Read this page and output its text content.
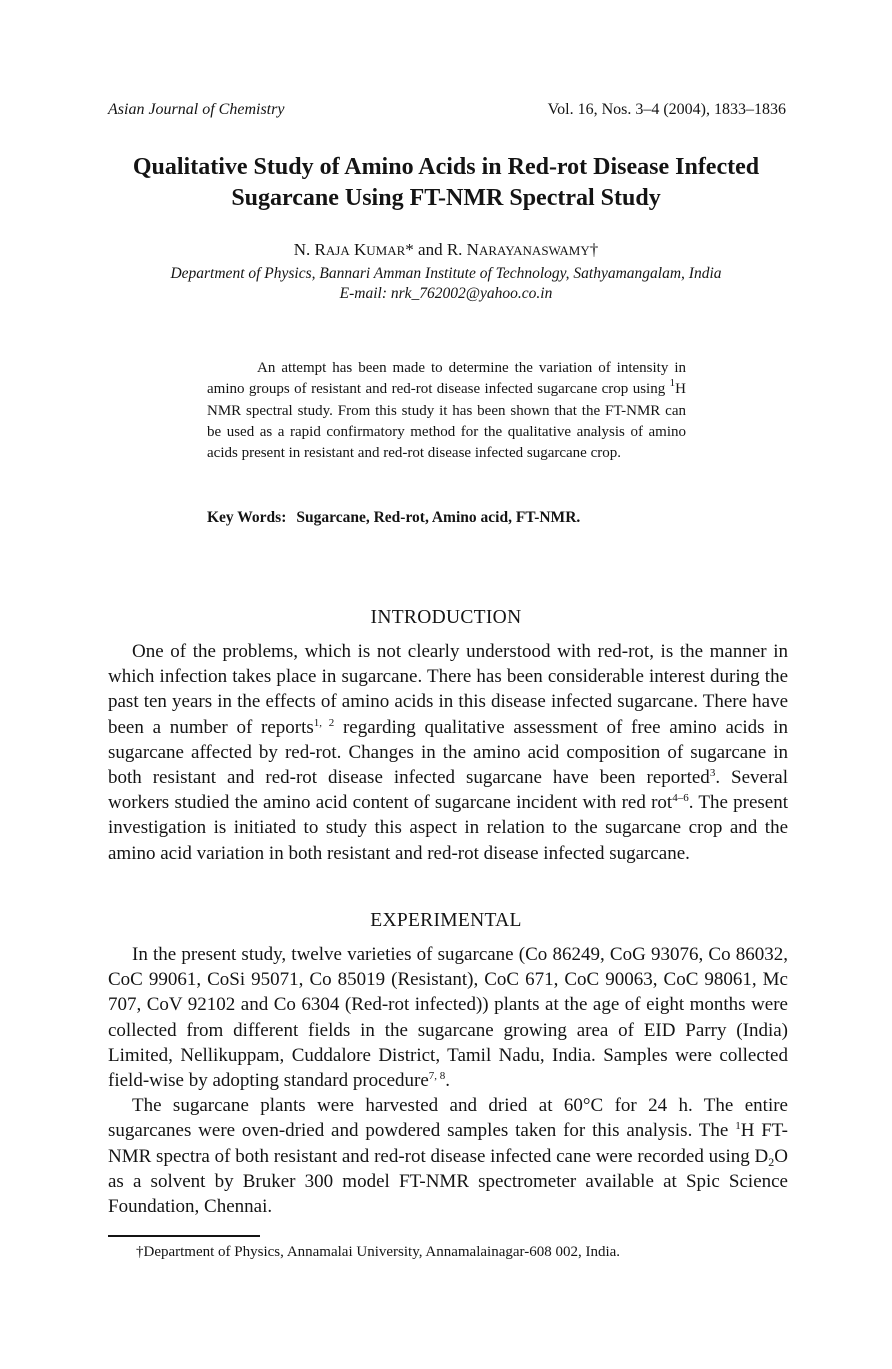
Asian Journal of Chemistry	Vol. 16, Nos. 3–4 (2004), 1833–1836
Qualitative Study of Amino Acids in Red-rot Disease Infected
Sugarcane Using FT-NMR Spectral Study
N. RAJA KUMAR* and R. NARAYANASWAMY†
Department of Physics, Bannari Amman Institute of Technology, Sathyamangalam, India
E-mail: nrk_762002@yahoo.co.in

An attempt has been made to determine the variation of intensity in amino groups of resistant and red-rot disease infected sugarcane crop using $^1$H NMR spectral study. From this study it has been shown that the FT-NMR can be used as a rapid confirmatory method for the qualitative analysis of amino acids present in resistant and red-rot disease infected sugarcane crop.

Key Words: Sugarcane, Red-rot, Amino acid, FT-NMR.
INTRODUCTION

One of the problems, which is not clearly understood with red-rot, is the manner in which infection takes place in sugarcane. There has been considerable interest during the past ten years in the effects of amino acids in this disease infected sugarcane. There have been a number of reports$^{1, 2}$ regarding qualitative assessment of free amino acids in sugarcane affected by red-rot. Changes in the amino acid composition of sugarcane in both resistant and red-rot disease infected sugarcane have been reported$^3$. Several workers studied the amino acid content of sugarcane incident with red rot$^{4-6}$. The present investigation is initiated to study this aspect in relation to the sugarcane crop and the amino acid variation in both resistant and red-rot disease infected sugarcane.

EXPERIMENTAL

In the present study, twelve varieties of sugarcane (Co 86249, CoG 93076, Co 86032, CoC 99061, CoSi 95071, Co 85019 (Resistant), CoC 671, CoC 90063, CoC 98061, Mc 707, CoV 92102 and Co 6304 (Red-rot infected)) plants at the age of eight months were collected from different fields in the sugarcane growing area of EID Parry (India) Limited, Nellikuppam, Cuddalore District, Tamil Nadu, India. Samples were collected field-wise by adopting standard procedure$^{7, 8}$.

The sugarcane plants were harvested and dried at 60°C for 24 h. The entire sugarcanes were oven-dried and powdered samples taken for this analysis. The $^1$H FT-NMR spectra of both resistant and red-rot disease infected cane were recorded using $D_2O$ as a solvent by Bruker 300 model FT-NMR spectrometer available at Spic Science Foundation, Chennai.

†Department of Physics, Annamalai University, Annamalainagar-608 002, India.
